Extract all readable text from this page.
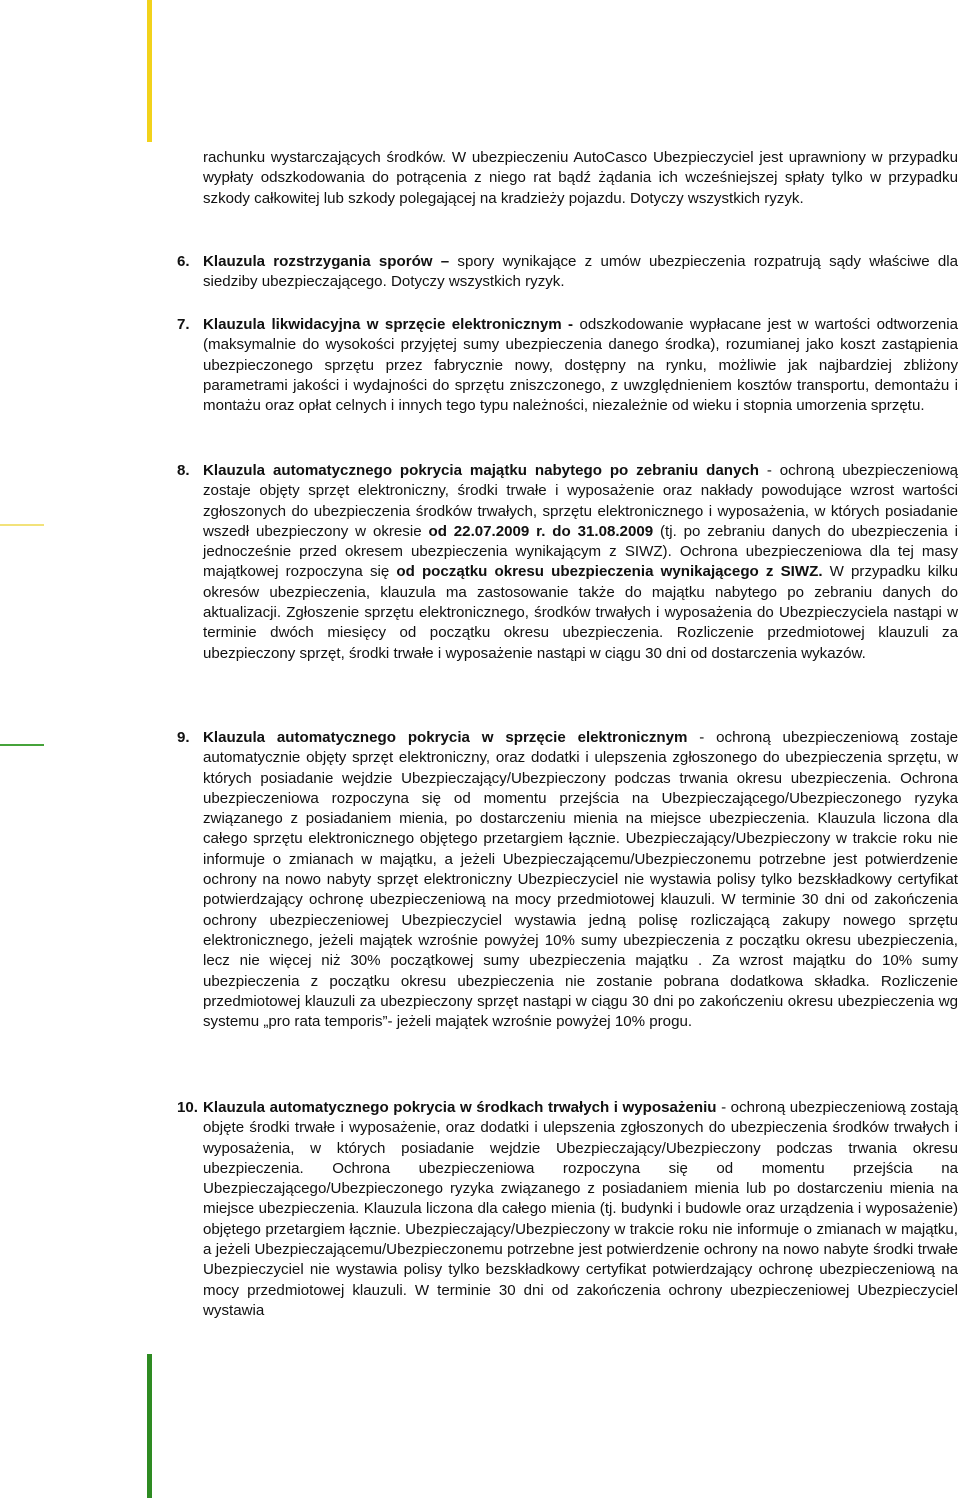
rachunku wystarczających środków. W ubezpieczeniu AutoCasco Ubezpieczyciel jest uprawniony w przypadku wypłaty odszkodowania do potrącenia z niego rat bądź żądania ich wcześniejszej spłaty tylko w przypadku szkody całkowitej lub szkody polegającej na kradzieży pojazdu. Dotyczy wszystkich ryzyk.

6. Klauzula rozstrzygania sporów – spory wynikające z umów ubezpieczenia rozpatrują sądy właściwe dla siedziby ubezpieczającego. Dotyczy wszystkich ryzyk.

7. Klauzula likwidacyjna w sprzęcie elektronicznym - odszkodowanie wypłacane jest w wartości odtworzenia (maksymalnie do wysokości przyjętej sumy ubezpieczenia danego środka), rozumianej jako koszt zastąpienia ubezpieczonego sprzętu przez fabrycznie nowy, dostępny na rynku, możliwie jak najbardziej zbliżony parametrami jakości i wydajności do sprzętu zniszczonego, z uwzględnieniem kosztów transportu, demontażu i montażu oraz opłat celnych i innych tego typu należności, niezależnie od wieku i stopnia umorzenia sprzętu.

8. Klauzula automatycznego pokrycia majątku nabytego po zebraniu danych - ochroną ubezpieczeniową zostaje objęty sprzęt elektroniczny, środki trwałe i wyposażenie oraz nakłady powodujące wzrost wartości zgłoszonych do ubezpieczenia środków trwałych, sprzętu elektronicznego i wyposażenia, w których posiadanie wszedł ubezpieczony w okresie od 22.07.2009 r. do 31.08.2009 (tj. po zebraniu danych do ubezpieczenia i jednocześnie przed okresem ubezpieczenia wynikającym z SIWZ). Ochrona ubezpieczeniowa dla tej masy majątkowej rozpoczyna się od początku okresu ubezpieczenia wynikającego z SIWZ. W przypadku kilku okresów ubezpieczenia, klauzula ma zastosowanie także do majątku nabytego po zebraniu danych do aktualizacji. Zgłoszenie sprzętu elektronicznego, środków trwałych i wyposażenia do Ubezpieczyciela nastąpi w terminie dwóch miesięcy od początku okresu ubezpieczenia. Rozliczenie przedmiotowej klauzuli za ubezpieczony sprzęt, środki trwałe i wyposażenie nastąpi w ciągu 30 dni od dostarczenia wykazów.

9. Klauzula automatycznego pokrycia w sprzęcie elektronicznym - ochroną ubezpieczeniową zostaje automatycznie objęty sprzęt elektroniczny, oraz dodatki i ulepszenia zgłoszonego do ubezpieczenia sprzętu, w których posiadanie wejdzie Ubezpieczający/Ubezpieczony podczas trwania okresu ubezpieczenia. Ochrona ubezpieczeniowa rozpoczyna się od momentu przejścia na Ubezpieczającego/Ubezpieczonego ryzyka związanego z posiadaniem mienia, po dostarczeniu mienia na miejsce ubezpieczenia. Klauzula liczona dla całego sprzętu elektronicznego objętego przetargiem łącznie. Ubezpieczający/Ubezpieczony w trakcie roku nie informuje o zmianach w majątku, a jeżeli Ubezpieczającemu/Ubezpieczonemu potrzebne jest potwierdzenie ochrony na nowo nabyty sprzęt elektroniczny Ubezpieczyciel nie wystawia polisy tylko bezskładkowy certyfikat potwierdzający ochronę ubezpieczeniową na mocy przedmiotowej klauzuli. W terminie 30 dni od zakończenia ochrony ubezpieczeniowej Ubezpieczyciel wystawia jedną polisę rozliczającą zakupy nowego sprzętu elektronicznego, jeżeli majątek wzrośnie powyżej 10% sumy ubezpieczenia z początku okresu ubezpieczenia, lecz nie więcej niż 30% początkowej sumy ubezpieczenia majątku . Za wzrost majątku do 10% sumy ubezpieczenia z początku okresu ubezpieczenia nie zostanie pobrana dodatkowa składka. Rozliczenie przedmiotowej klauzuli za ubezpieczony sprzęt nastąpi w ciągu 30 dni po zakończeniu okresu ubezpieczenia wg systemu „pro rata temporis”- jeżeli majątek wzrośnie powyżej 10% progu.

10. Klauzula automatycznego pokrycia w środkach trwałych i wyposażeniu - ochroną ubezpieczeniową zostają objęte środki trwałe i wyposażenie, oraz dodatki i ulepszenia zgłoszonych do ubezpieczenia środków trwałych i wyposażenia, w których posiadanie wejdzie Ubezpieczający/Ubezpieczony podczas trwania okresu ubezpieczenia. Ochrona ubezpieczeniowa rozpoczyna się od momentu przejścia na Ubezpieczającego/Ubezpieczonego ryzyka związanego z posiadaniem mienia lub po dostarczeniu mienia na miejsce ubezpieczenia. Klauzula liczona dla całego mienia (tj. budynki i budowle oraz urządzenia i wyposażenie) objętego przetargiem łącznie. Ubezpieczający/Ubezpieczony w trakcie roku nie informuje o zmianach w majątku, a jeżeli Ubezpieczającemu/Ubezpieczonemu potrzebne jest potwierdzenie ochrony na nowo nabyte środki trwałe Ubezpieczyciel nie wystawia polisy tylko bezskładkowy certyfikat potwierdzający ochronę ubezpieczeniową na mocy przedmiotowej klauzuli. W terminie 30 dni od zakończenia ochrony ubezpieczeniowej Ubezpieczyciel wystawia
